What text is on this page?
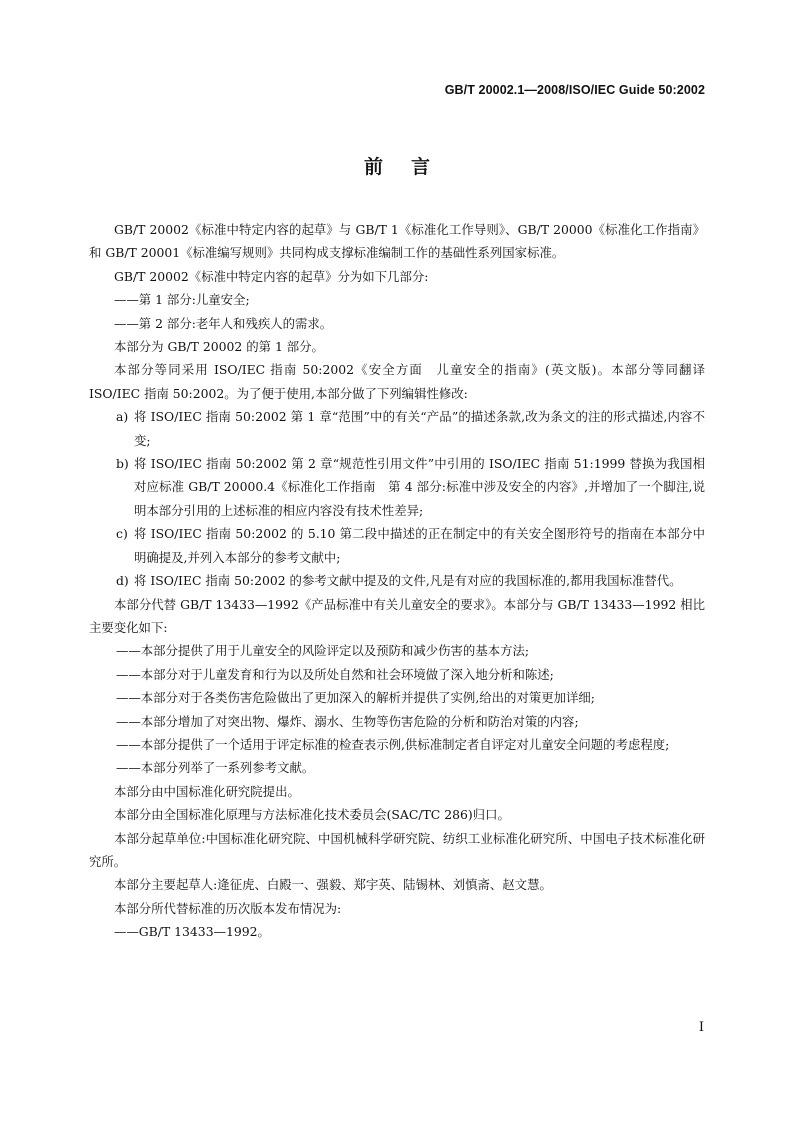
GB/T 20002.1—2008/ISO/IEC Guide 50:2002
前言

GB/T 20002《标准中特定内容的起草》与 GB/T 1《标准化工作导则》、GB/T 20000《标准化工作指南》和 GB/T 20001《标准编写规则》共同构成支撑标准编制工作的基础性系列国家标准。

GB/T 20002《标准中特定内容的起草》分为如下几部分:

——第 1 部分:儿童安全;

——第 2 部分:老年人和残疾人的需求。

本部分为 GB/T 20002 的第 1 部分。

本部分等同采用 ISO/IEC 指南 50:2002《安全方面　儿童安全的指南》(英文版)。本部分等同翻译 ISO/IEC 指南 50:2002。为了便于使用,本部分做了下列编辑性修改:

a) 将 ISO/IEC 指南 50:2002 第 1 章“范围”中的有关“产品”的描述条款,改为条文的注的形式描述,内容不变;
b) 将 ISO/IEC 指南 50:2002 第 2 章“规范性引用文件”中引用的 ISO/IEC 指南 51:1999 替换为我国相对应标准 GB/T 20000.4《标准化工作指南　第 4 部分:标准中涉及安全的内容》,并增加了一个脚注,说明本部分引用的上述标准的相应内容没有技术性差异;
c) 将 ISO/IEC 指南 50:2002 的 5.10 第二段中描述的正在制定中的有关安全图形符号的指南在本部分中明确提及,并列入本部分的参考文献中;
d) 将 ISO/IEC 指南 50:2002 的参考文献中提及的文件,凡是有对应的我国标准的,都用我国标准替代。

本部分代替 GB/T 13433—1992《产品标准中有关儿童安全的要求》。本部分与 GB/T 13433—1992 相比主要变化如下:

——本部分提供了用于儿童安全的风险评定以及预防和减少伤害的基本方法;

——本部分对于儿童发育和行为以及所处自然和社会环境做了深入地分析和陈述;

——本部分对于各类伤害危险做出了更加深入的解析并提供了实例,给出的对策更加详细;

——本部分增加了对突出物、爆炸、溺水、生物等伤害危险的分析和防治对策的内容;

——本部分提供了一个适用于评定标准的检查表示例,供标准制定者自评定对儿童安全问题的考虑程度;

——本部分列举了一系列参考文献。

本部分由中国标准化研究院提出。

本部分由全国标准化原理与方法标准化技术委员会(SAC/TC 286)归口。

本部分起草单位:中国标准化研究院、中国机械科学研究院、纺织工业标准化研究所、中国电子技术标准化研究所。

本部分主要起草人:逄征虎、白殿一、强毅、郑宇英、陆锡林、刘慎斋、赵文慧。

本部分所代替标准的历次版本发布情况为:

——GB/T 13433—1992。

I
